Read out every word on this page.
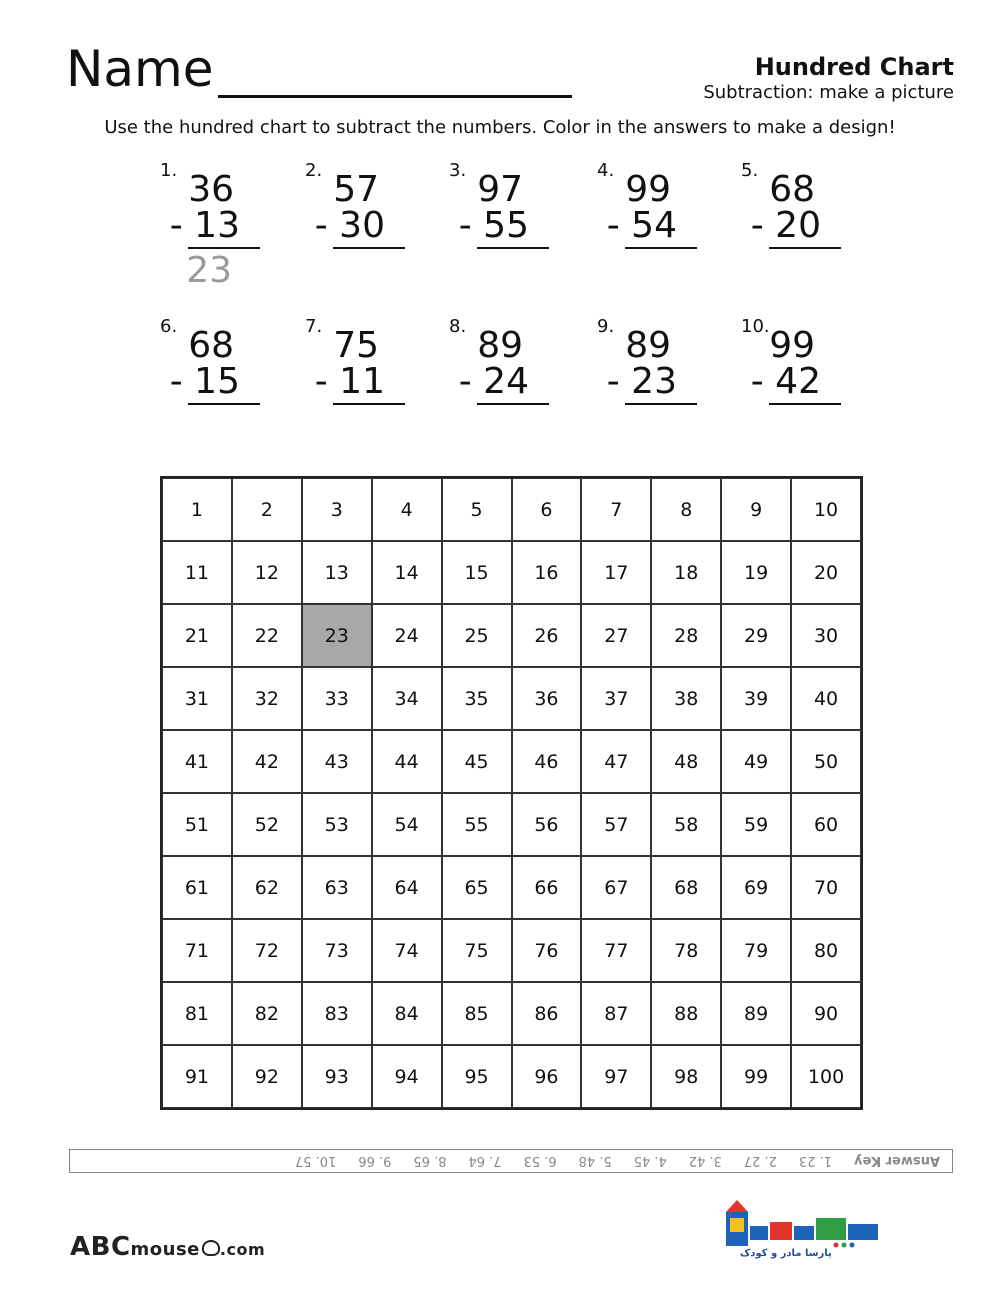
Name	Hundred Chart
Subtraction: make a picture
Use the hundred chart to subtract the numbers. Color in the answers to make a design!
1. 36
- 13
23
2. 57
- 30
3. 97
- 55
4. 99
- 54
5. 68
- 20
6. 68
- 15
7. 75
- 11
8. 89
- 24
9. 89
- 23
10. 99
- 42
1	2	3	4	5	6	7	8	9	10
11	12	13	14	15	16	17	18	19	20
21	22	23	24	25	26	27	28	29	30
31	32	33	34	35	36	37	38	39	40
41	42	43	44	45	46	47	48	49	50
51	52	53	54	55	56	57	58	59	60
61	62	63	64	65	66	67	68	69	70
71	72	73	74	75	76	77	78	79	80
81	82	83	84	85	86	87	88	89	90
91	92	93	94	95	96	97	98	99	100
Answer Key
1. 23
2. 27
3. 42
4. 45
5. 48
6. 53
7. 64
8. 65
9. 66
10. 57
ABCmouse .com	پارسا مادر و کودک
